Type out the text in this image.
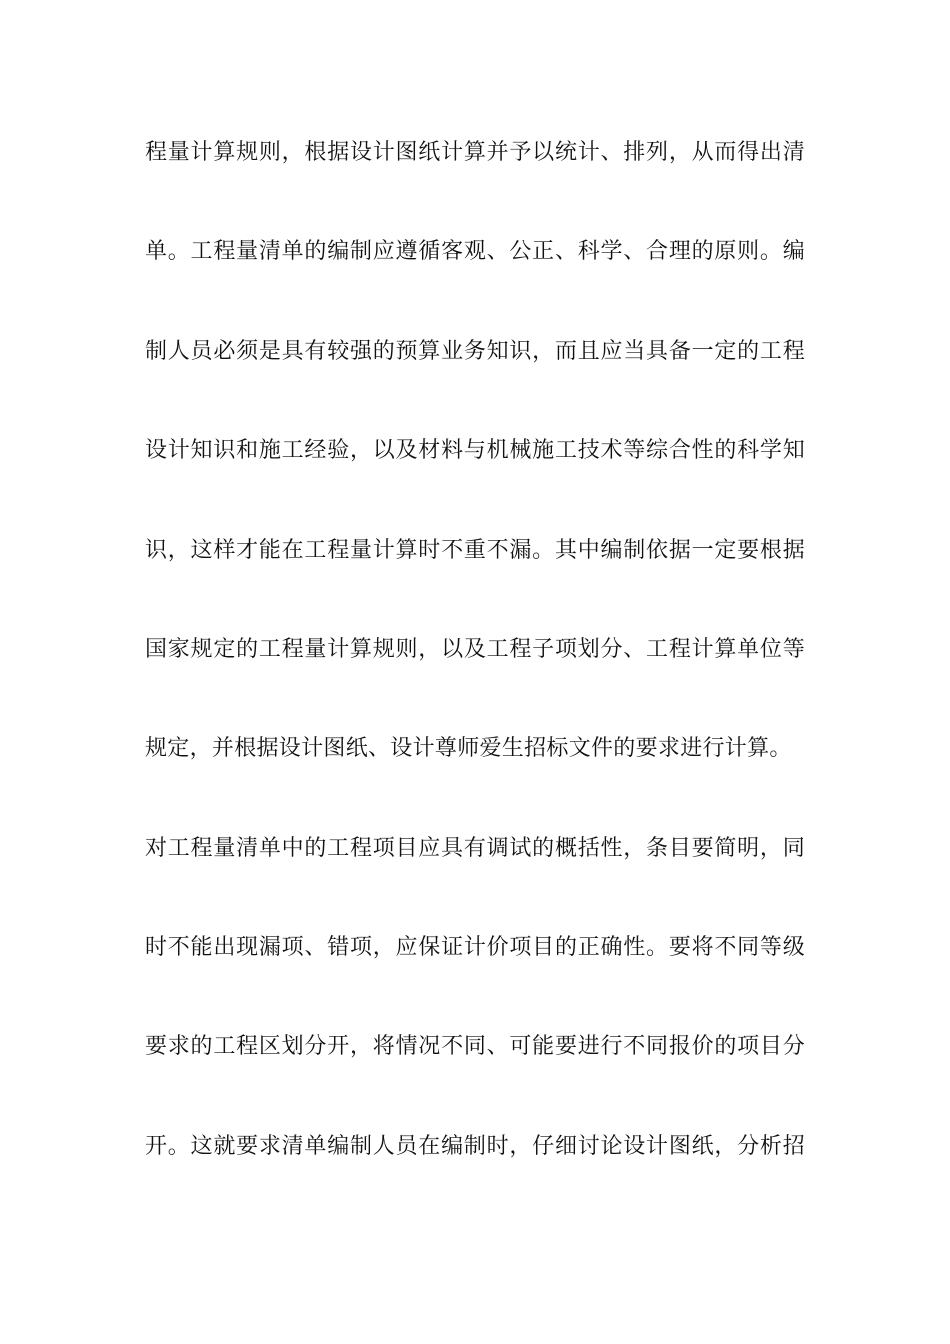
程量计算规则，根据设计图纸计算并予以统计、排列，从而得出清
单。工程量清单的编制应遵循客观、公正、科学、合理的原则。编
制人员必须是具有较强的预算业务知识，而且应当具备一定的工程
设计知识和施工经验，以及材料与机械施工技术等综合性的科学知
识，这样才能在工程量计算时不重不漏。其中编制依据一定要根据
国家规定的工程量计算规则，以及工程子项划分、工程计算单位等
规定，并根据设计图纸、设计尊师爱生招标文件的要求进行计算。
对工程量清单中的工程项目应具有调试的概括性，条目要简明，同
时不能出现漏项、错项，应保证计价项目的正确性。要将不同等级
要求的工程区划分开，将情况不同、可能要进行不同报价的项目分
开。这就要求清单编制人员在编制时，仔细讨论设计图纸，分析招
